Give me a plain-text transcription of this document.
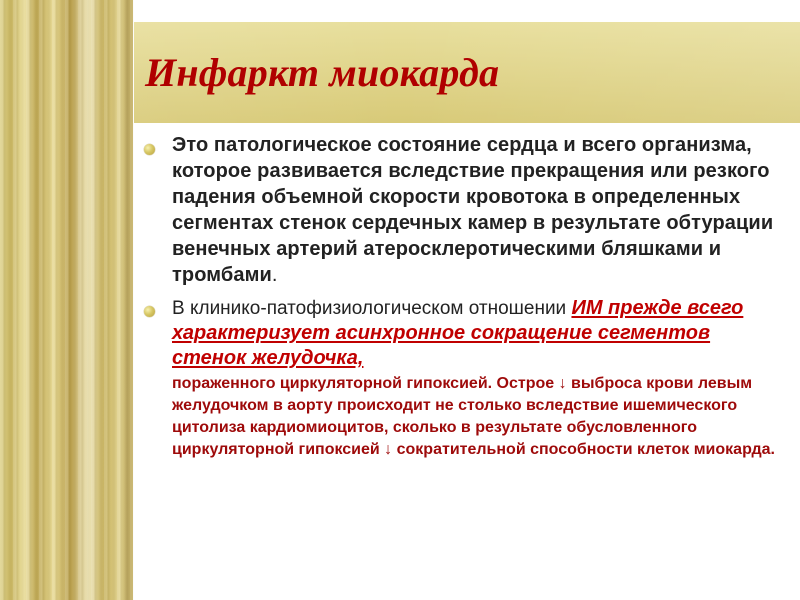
Инфаркт миокарда
Это патологическое состояние сердца и всего организма, которое развивается вследствие прекращения или резкого падения объемной скорости кровотока в определенных сегментах стенок сердечных камер в результате обтурации венечных артерий атеросклеротическими бляшками и тромбами.
В клинико-патофизиологическом отношении ИМ прежде всего характеризует асинхронное сокращение сегментов стенок желудочка,
пораженного циркуляторной гипоксией. Острое ↓ выброса крови левым желудочком в аорту происходит не столько вследствие ишемического цитолиза кардиомиоцитов, сколько в результате обусловленного циркуляторной гипоксией ↓ сократительной способности клеток миокарда.
